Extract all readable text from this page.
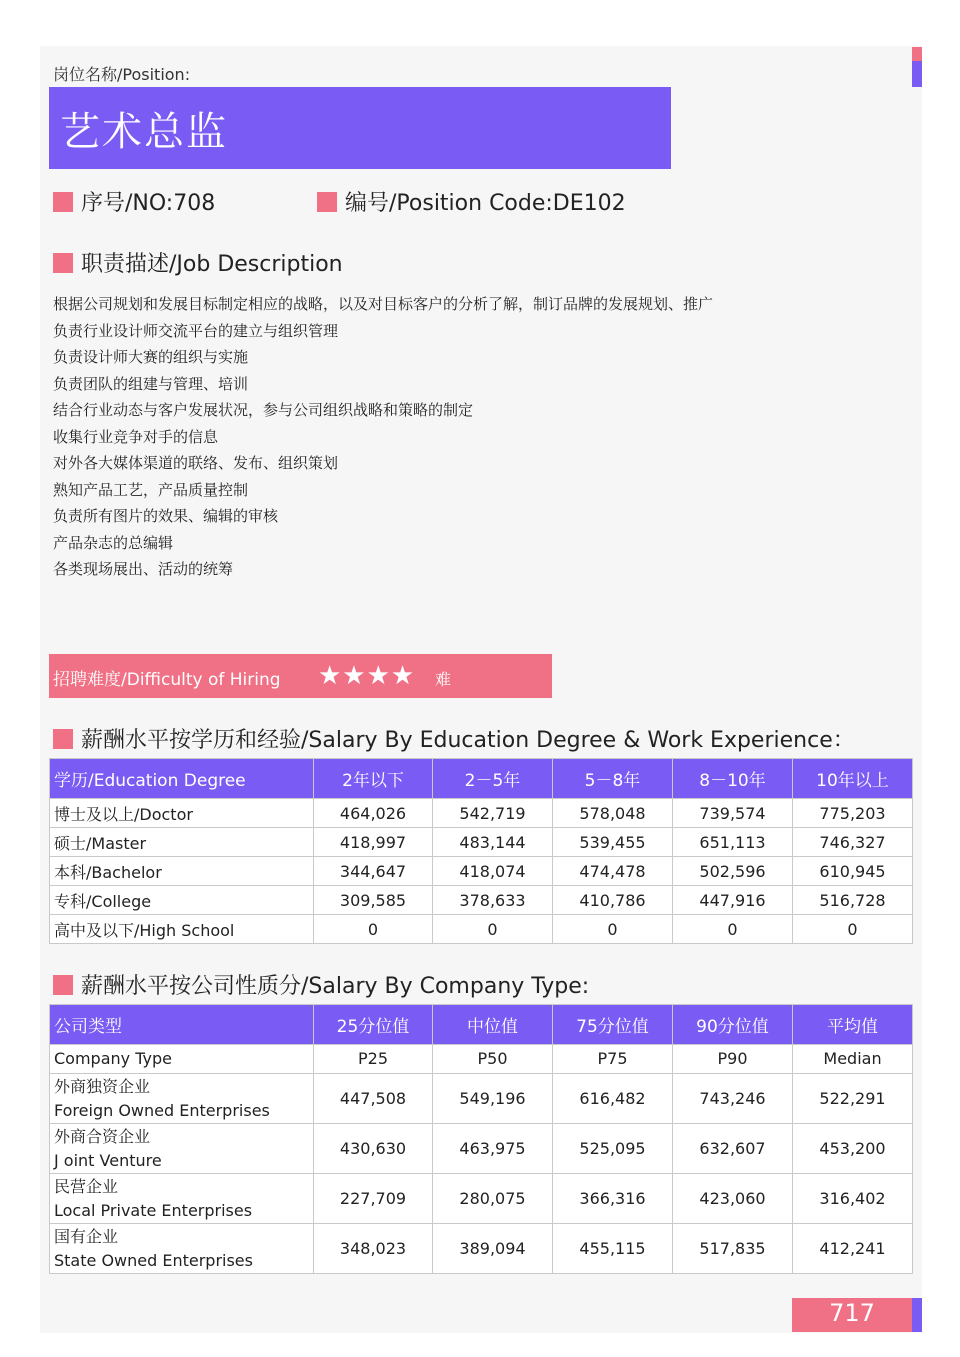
岗位名称/Position:
艺术总监
序号/NO:708	编号/Position Code:DE102
职责描述/Job Description
根据公司规划和发展目标制定相应的战略，以及对目标客户的分析了解，制订品牌的发展规划、推广
负责行业设计师交流平台的建立与组织管理
负责设计师大赛的组织与实施
负责团队的组建与管理、培训
结合行业动态与客户发展状况，参与公司组织战略和策略的制定
收集行业竞争对手的信息
对外各大媒体渠道的联络、发布、组织策划
熟知产品工艺，产品质量控制
负责所有图片的效果、编辑的审核
产品杂志的总编辑
各类现场展出、活动的统筹
招聘难度/Difficulty of Hiring ★★★★ 难
薪酬水平按学历和经验/Salary By Education Degree & Work Experience：
学历/Education Degree	2年以下	2－5年	5－8年	8－10年	10年以上
博士及以上/Doctor	464,026	542,719	578,048	739,574	775,203
硕士/Master	418,997	483,144	539,455	651,113	746,327
本科/Bachelor	344,647	418,074	474,478	502,596	610,945
专科/College	309,585	378,633	410,786	447,916	516,728
高中及以下/High School	0	0	0	0	0
薪酬水平按公司性质分/Salary By Company Type:
公司类型	25分位值	中位值	75分位值	90分位值	平均值
Company Type	P25	P50	P75	P90	Median

外商独资企业
Foreign Owned Enterprises	447,508	549,196	616,482	743,246	522,291

外商合资企业
J oint Venture	430,630	463,975	525,095	632,607	453,200

民营企业
Local Private Enterprises	227,709	280,075	366,316	423,060	316,402

国有企业
State Owned Enterprises	348,023	389,094	455,115	517,835	412,241
717
